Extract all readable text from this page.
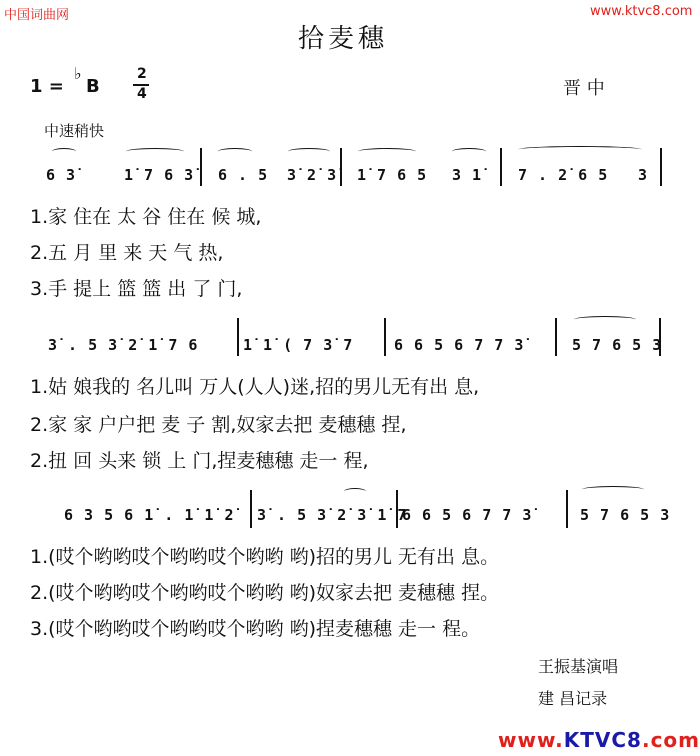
中国词曲网	www.ktvc8.com
拾麦穗
1 =
♭
B
2
4	晋 中
中速稍快
6 3̇	1̇ 7 6 3̇ 6 . 5 3̇ 2̇ 3̇ 1̇ 7 6 5 3 1̇ 7 . 2̇ 6 5 3
1.家 住在 太 谷 住在 候 城,
2.五 月 里 来 天 气 热,
3.手 提上 篮 篮 出 了 门,
3̇ . 5 3̇ 2̇ 1̇ 7 6	1̇ 1̇ ( 7 3̇ 7	6 6 5 6 7 7 3̇	5 7 6 5 3
1.姑 娘我的 名儿叫 万人(人人)迷,招的男儿无有出 息,
2.家 家 户户把 麦 子 割,奴家去把 麦穗穗 捏,
2.扭 回 头来 锁 上 门,捏麦穗穗 走一 程,
6 3 5 6 1̇ . 1̇ 1̇ 2̇ 3̇ . 5 3̇ 2̇ 3̇ 1̇ 7
6 6 5 6 7 7 3̇	5 7 6 5 3
1.(哎个哟哟哎个哟哟哎个哟哟 哟)招的男儿 无有出 息。
2.(哎个哟哟哎个哟哟哎个哟哟 哟)奴家去把 麦穗穗 捏。
3.(哎个哟哟哎个哟哟哎个哟哟 哟)捏麦穗穗 走一 程。
王振基演唱
建 昌记录
www.KTVC8.com
